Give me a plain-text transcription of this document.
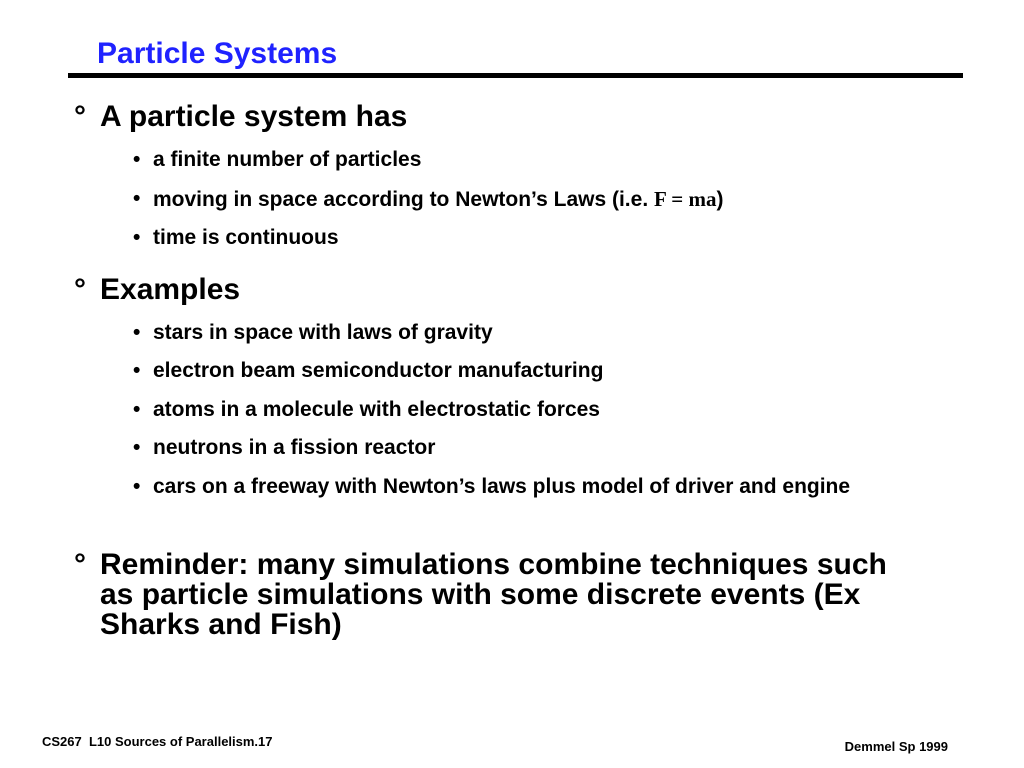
Particle Systems
° A particle system has
• a finite number of particles
• moving in space according to Newton’s Laws (i.e. F = ma)
• time is continuous
° Examples
• stars in space with laws of gravity
• electron beam semiconductor manufacturing
• atoms in a molecule with electrostatic forces
• neutrons in a fission reactor
• cars on a freeway with Newton’s laws plus model of driver and engine
° Reminder: many simulations combine techniques such as particle simulations with some discrete events (Ex Sharks and Fish)
CS267  L10 Sources of Parallelism.17	Demmel Sp 1999
